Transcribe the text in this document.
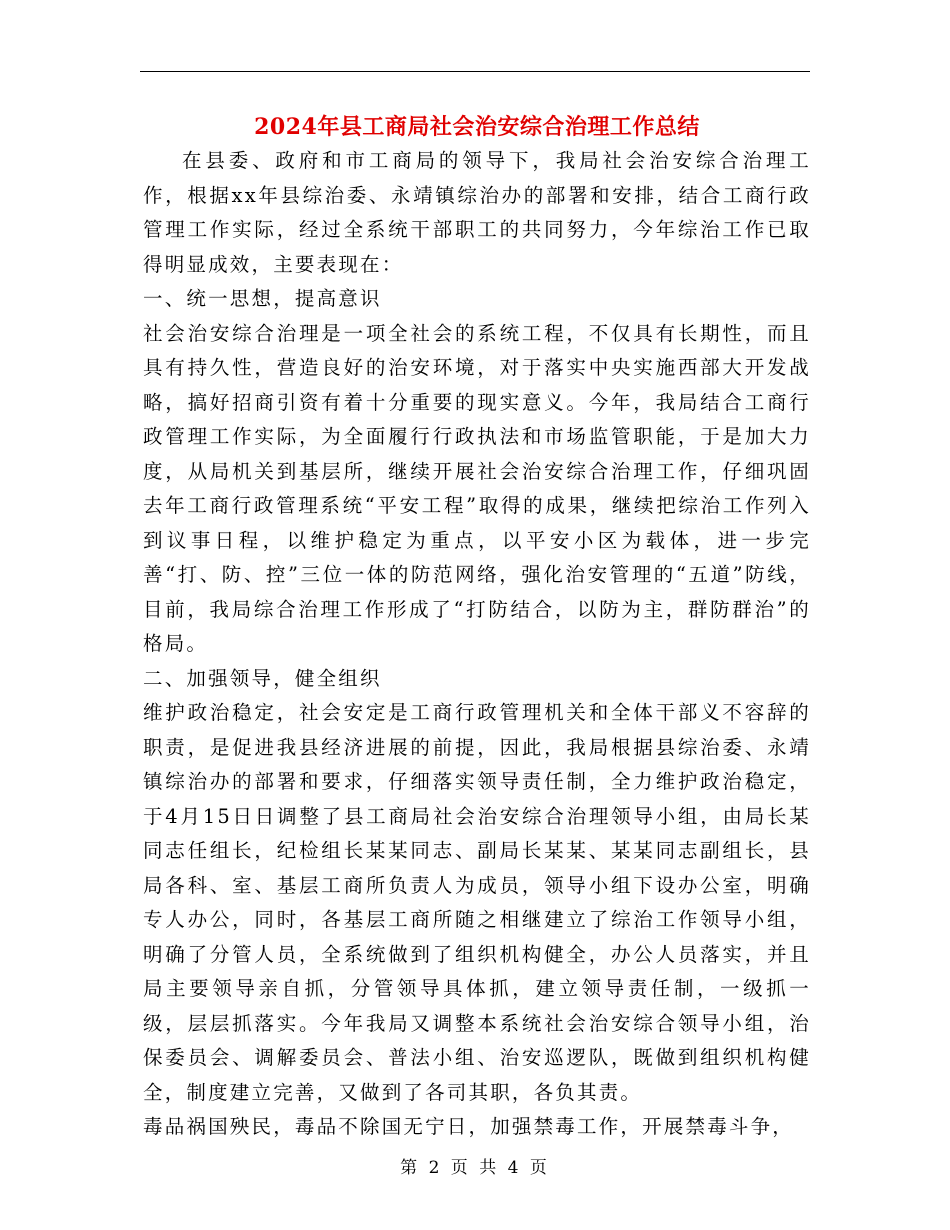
2024年县工商局社会治安综合治理工作总结

在县委、政府和市工商局的领导下，我局社会治安综合治理工作，根据xx年县综治委、永靖镇综治办的部署和安排，结合工商行政管理工作实际，经过全系统干部职工的共同努力，今年综治工作已取得明显成效，主要表现在：

一、统一思想，提高意识

社会治安综合治理是一项全社会的系统工程，不仅具有长期性，而且具有持久性，营造良好的治安环境，对于落实中央实施西部大开发战略，搞好招商引资有着十分重要的现实意义。今年，我局结合工商行政管理工作实际，为全面履行行政执法和市场监管职能，于是加大力度，从局机关到基层所，继续开展社会治安综合治理工作，仔细巩固去年工商行政管理系统“平安工程”取得的成果，继续把综治工作列入到议事日程，以维护稳定为重点，以平安小区为载体，进一步完善“打、防、控”三位一体的防范网络，强化治安管理的“五道”防线，目前，我局综合治理工作形成了“打防结合，以防为主，群防群治”的格局。

二、加强领导，健全组织

维护政治稳定，社会安定是工商行政管理机关和全体干部义不容辞的职责，是促进我县经济进展的前提，因此，我局根据县综治委、永靖镇综治办的部署和要求，仔细落实领导责任制，全力维护政治稳定，于4月15日日调整了县工商局社会治安综合治理领导小组，由局长某同志任组长，纪检组长某某同志、副局长某某、某某同志副组长，县局各科、室、基层工商所负责人为成员，领导小组下设办公室，明确专人办公，同时，各基层工商所随之相继建立了综治工作领导小组，明确了分管人员，全系统做到了组织机构健全，办公人员落实，并且局主要领导亲自抓，分管领导具体抓，建立领导责任制，一级抓一级，层层抓落实。今年我局又调整本系统社会治安综合领导小组，治保委员会、调解委员会、普法小组、治安巡逻队，既做到组织机构健全，制度建立完善，又做到了各司其职，各负其责。

毒品祸国殃民，毒品不除国无宁日，加强禁毒工作，开展禁毒斗争，

第 2 页 共 4 页
